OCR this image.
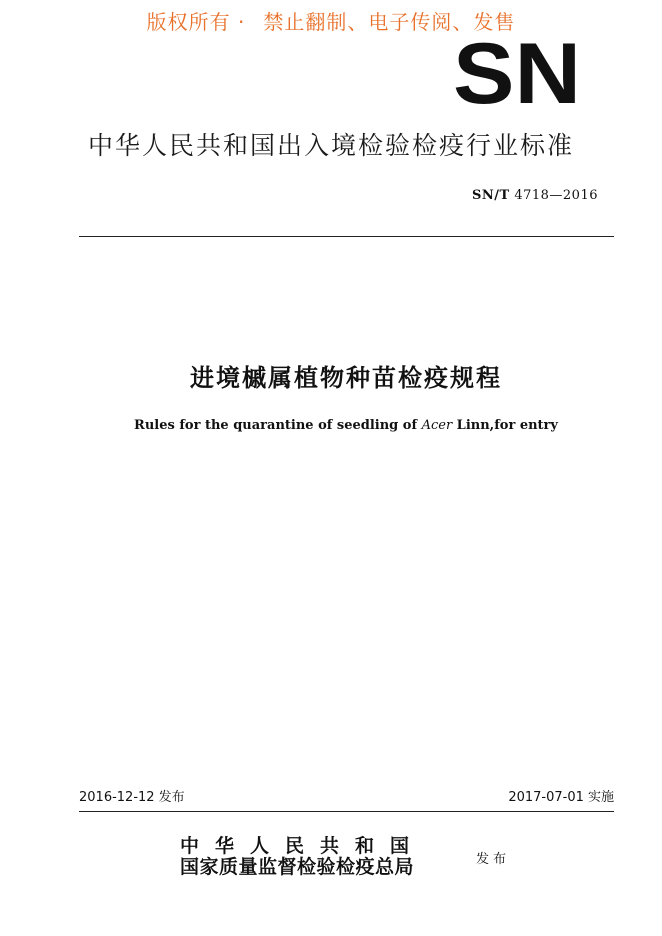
版权所有 · 禁止翻制、电子传阅、发售
SN
中华人民共和国出入境检验检疫行业标准
SN/T 4718—2016
进境槭属植物种苗检疫规程
Rules for the quarantine of seedling of Acer Linn,for entry
2016-12-12 发布	2017-07-01 实施
中华人民共和国
国家质量监督检验检疫总局	发布
